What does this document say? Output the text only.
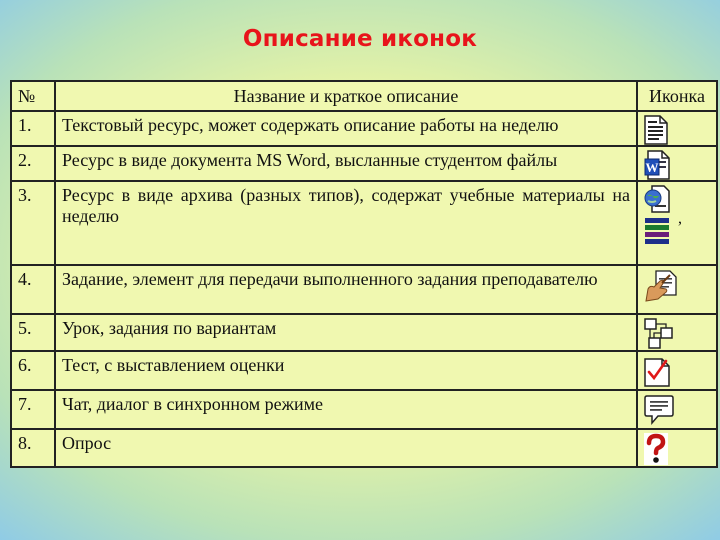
Описание иконок
№	Название и краткое описание	Иконка
1.	Текстовый ресурс, может содержать описание работы на неделю	

2.	Ресурс в виде документа MS Word, высланные студентом файлы	W

3.	Ресурс в виде архива (разных типов), содержат учебные материалы на неделю	,

4.	Задание, элемент для передачи выполненного задания преподавателю	

5.	Урок, задания по вариантам	

6.	Тест, с выставлением оценки	

7.	Чат, диалог в синхронном режиме	

8.	Опрос	
